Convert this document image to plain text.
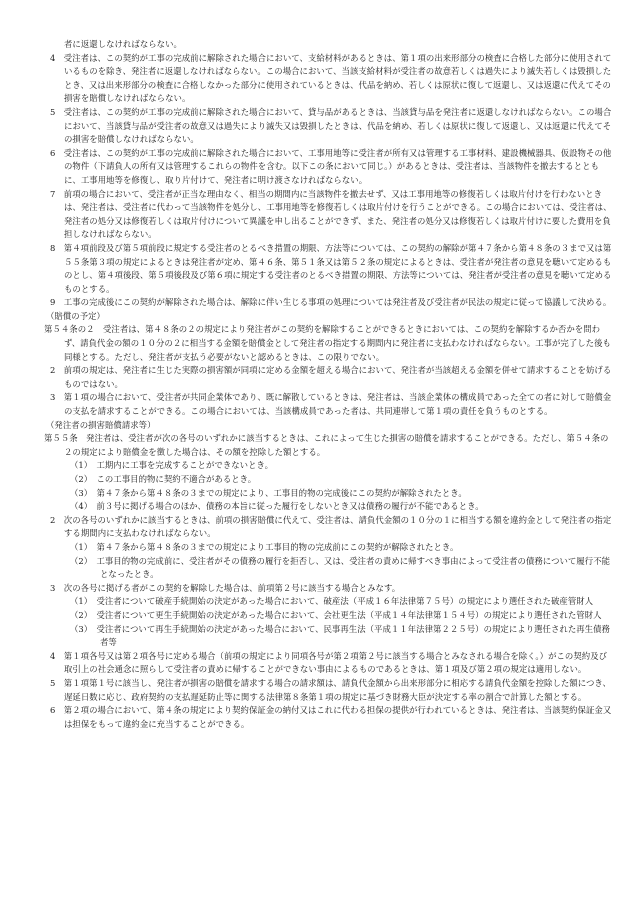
者に返還しなければならない。

4　受注者は、この契約が工事の完成前に解除された場合において、支給材料があるときは、第１項の出来形部分の検査に合格した部分に使用されているものを除き、発注者に返還しなければならない。この場合において、当該支給材料が受注者の故意若しくは過失により滅失若しくは毀損したとき、又は出来形部分の検査に合格しなかった部分に使用されているときは、代品を納め、若しくは原状に復して返還し、又は返還に代えてその損害を賠償しなければならない。

5　受注者は、この契約が工事の完成前に解除された場合において、貸与品があるときは、当該貸与品を発注者に返還しなければならない。この場合において、当該貸与品が受注者の故意又は過失により滅失又は毀損したときは、代品を納め、若しくは原状に復して返還し、又は返還に代えてその損害を賠償しなければならない。

6　受注者は、この契約が工事の完成前に解除された場合において、工事用地等に受注者が所有又は管理する工事材料、建設機械器具、仮設物その他の物件（下請負人の所有又は管理するこれらの物件を含む。以下この条において同じ。）があるときは、受注者は、当該物件を撤去するとともに、工事用地等を修復し、取り片付けて、発注者に明け渡さなければならない。

7　前項の場合において、受注者が正当な理由なく、相当の期間内に当該物件を撤去せず、又は工事用地等の修復若しくは取片付けを行わないときは、発注者は、受注者に代わって当該物件を処分し、工事用地等を修復若しくは取片付けを行うことができる。この場合においては、受注者は、発注者の処分又は修復若しくは取片付けについて異議を申し出ることができず、また、発注者の処分又は修復若しくは取片付けに要した費用を負担しなければならない。

8　第４項前段及び第５項前段に規定する受注者のとるべき措置の期限、方法等については、この契約の解除が第４７条から第４８条の３まで又は第５５条第３項の規定によるときは発注者が定め、第４６条、第５１条又は第５２条の規定によるときは、受注者が発注者の意見を聴いて定めるものとし、第４項後段、第５項後段及び第６項に規定する受注者のとるべき措置の期限、方法等については、発注者が受注者の意見を聴いて定めるものとする。

9　工事の完成後にこの契約が解除された場合は、解除に伴い生じる事項の処理については発注者及び受注者が民法の規定に従って協議して決める。

（賠償の予定）

第５４条の２　受注者は、第４８条の２の規定により発注者がこの契約を解除することができるときにおいては、この契約を解除するか否かを問わず、請負代金の額の１０分の２に相当する金額を賠償金として発注者の指定する期間内に発注者に支払わなければならない。工事が完了した後も同様とする。ただし、発注者が支払う必要がないと認めるときは、この限りでない。

2　前項の規定は、発注者に生じた実際の損害額が同項に定める金額を超える場合において、発注者が当該超える金額を併せて請求することを妨げるものではない。

3　第１項の場合において、受注者が共同企業体であり、既に解散しているときは、発注者は、当該企業体の構成員であった全ての者に対して賠償金の支払を請求することができる。この場合においては、当該構成員であった者は、共同連帯して第１項の責任を負うものとする。

（発注者の損害賠償請求等）

第５５条　発注者は、受注者が次の各号のいずれかに該当するときは、これによって生じた損害の賠償を請求することができる。ただし、第５４条の２の規定により賠償金を徴した場合は、その額を控除した額とする。

（1）　工期内に工事を完成することができないとき。

（2）　この工事目的物に契約不適合があるとき。

（3）　第４７条から第４８条の３までの規定により、工事目的物の完成後にこの契約が解除されたとき。

（4）　前３号に掲げる場合のほか、債務の本旨に従った履行をしないとき又は債務の履行が不能であるとき。

2　次の各号のいずれかに該当するときは、前項の損害賠償に代えて、受注者は、請負代金額の１０分の１に相当する額を違約金として発注者の指定する期間内に支払わなければならない。

（1）　第４７条から第４８条の３までの規定により工事目的物の完成前にこの契約が解除されたとき。

（2）　工事目的物の完成前に、受注者がその債務の履行を拒否し、又は、受注者の責めに帰すべき事由によって受注者の債務について履行不能となったとき。

3　次の各号に掲げる者がこの契約を解除した場合は、前項第２号に該当する場合とみなす。

（1）　受注者について破産手続開始の決定があった場合において、破産法（平成１６年法律第７５号）の規定により選任された破産管財人

（2）　受注者について更生手続開始の決定があった場合において、会社更生法（平成１４年法律第１５４号）の規定により選任された管財人

（3）　受注者について再生手続開始の決定があった場合において、民事再生法（平成１１年法律第２２５号）の規定により選任された再生債務者等

4　第１項各号又は第２項各号に定める場合（前項の規定により同項各号が第２項第２号に該当する場合とみなされる場合を除く。）がこの契約及び取引上の社会通念に照らして受注者の責めに帰することができない事由によるものであるときは、第１項及び第２項の規定は適用しない。

5　第１項第１号に該当し、発注者が損害の賠償を請求する場合の請求額は、請負代金額から出来形部分に相応する請負代金額を控除した額につき、遅延日数に応じ、政府契約の支払遅延防止等に関する法律第８条第１項の規定に基づき財務大臣が決定する率の割合で計算した額とする。

6　第２項の場合において、第４条の規定により契約保証金の納付又はこれに代わる担保の提供が行われているときは、発注者は、当該契約保証金又は担保をもって違約金に充当することができる。
